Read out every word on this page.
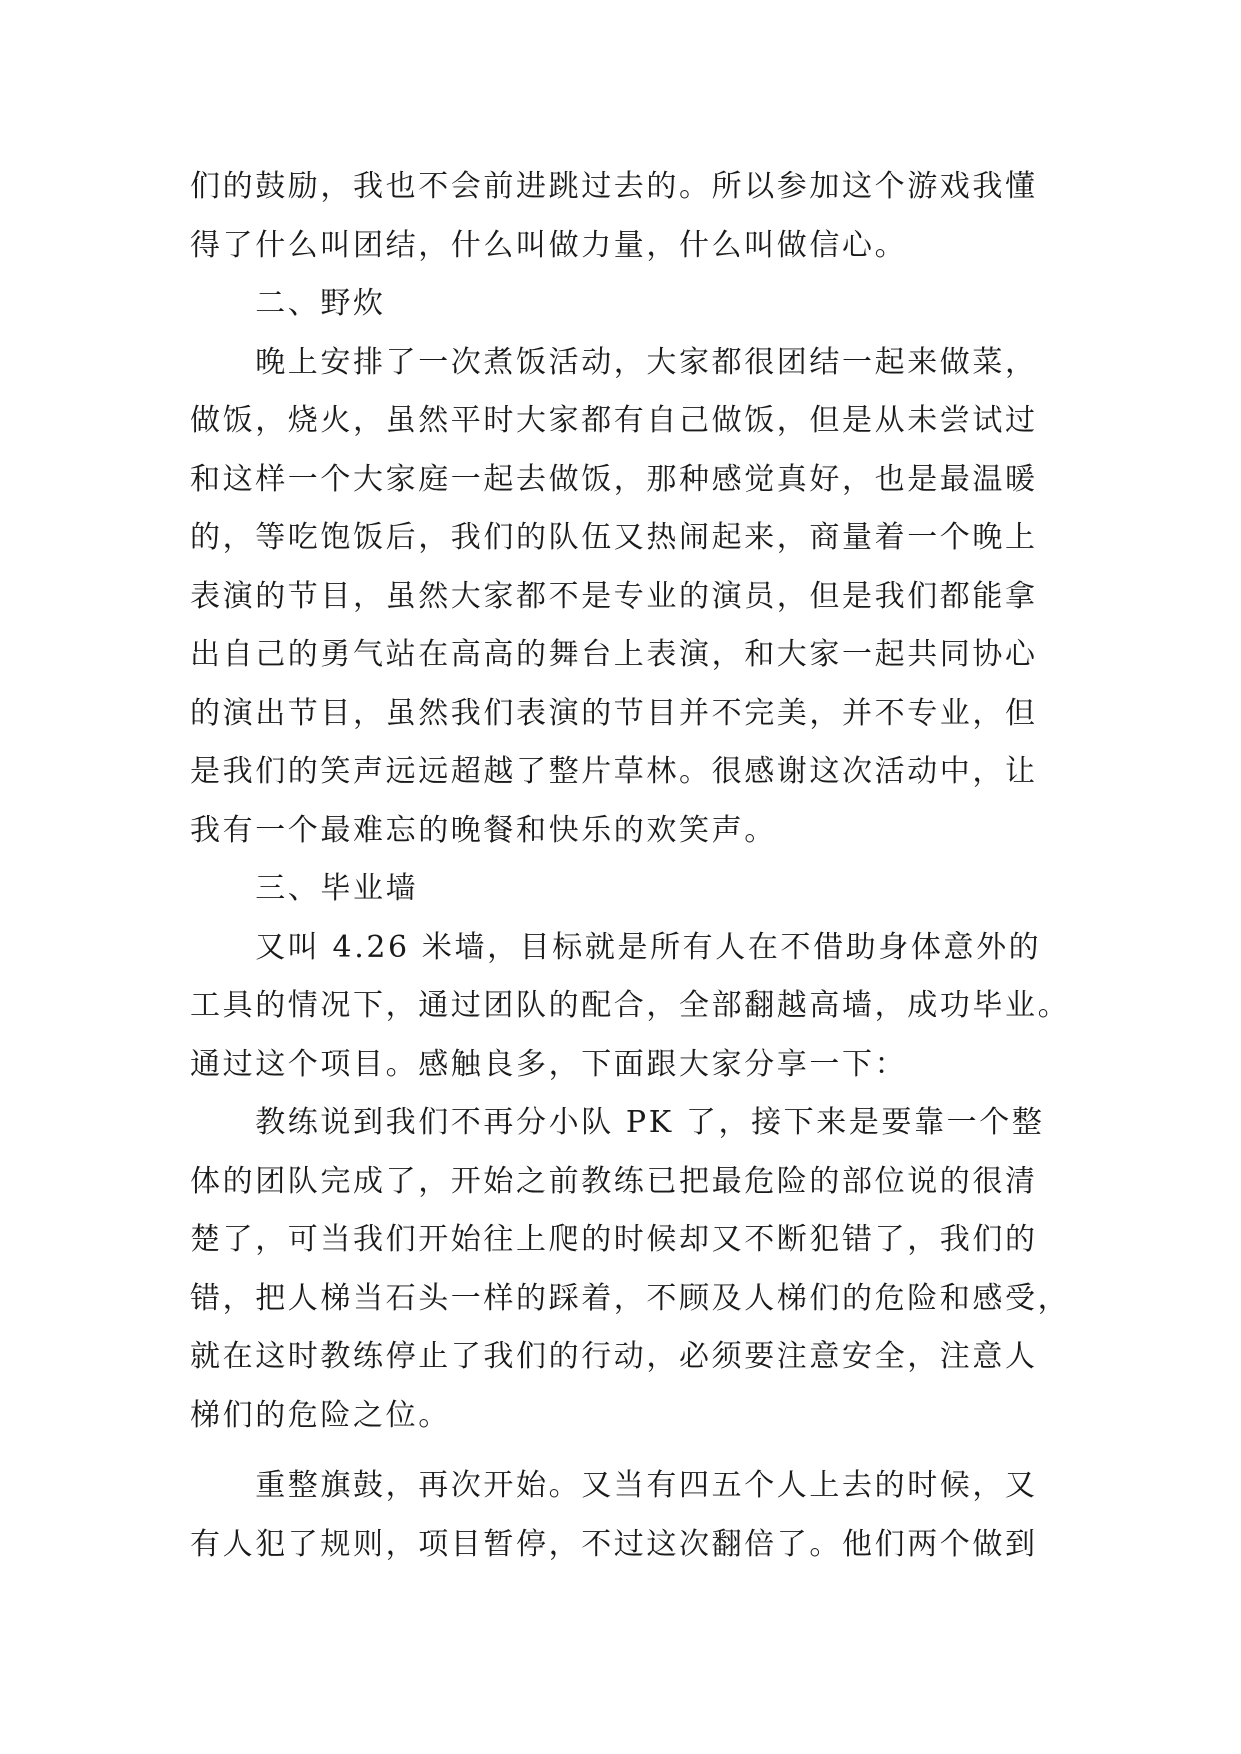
们的鼓励，我也不会前进跳过去的。所以参加这个游戏我懂
得了什么叫团结，什么叫做力量，什么叫做信心。
　　二、野炊
　　晚上安排了一次煮饭活动，大家都很团结一起来做菜，
做饭，烧火，虽然平时大家都有自己做饭，但是从未尝试过
和这样一个大家庭一起去做饭，那种感觉真好，也是最温暖
的，等吃饱饭后，我们的队伍又热闹起来，商量着一个晚上
表演的节目，虽然大家都不是专业的演员，但是我们都能拿
出自己的勇气站在高高的舞台上表演，和大家一起共同协心
的演出节目，虽然我们表演的节目并不完美，并不专业，但
是我们的笑声远远超越了整片草林。很感谢这次活动中，让
我有一个最难忘的晚餐和快乐的欢笑声。
　　三、毕业墙
　　又叫 4.26 米墙，目标就是所有人在不借助身体意外的
工具的情况下，通过团队的配合，全部翻越高墙，成功毕业。
通过这个项目。感触良多，下面跟大家分享一下：
　　教练说到我们不再分小队 PK 了，接下来是要靠一个整
体的团队完成了，开始之前教练已把最危险的部位说的很清
楚了，可当我们开始往上爬的时候却又不断犯错了，我们的
错，把人梯当石头一样的踩着，不顾及人梯们的危险和感受，
就在这时教练停止了我们的行动，必须要注意安全，注意人
梯们的危险之位。
　　重整旗鼓，再次开始。又当有四五个人上去的时候，又
有人犯了规则，项目暂停，不过这次翻倍了。他们两个做到
